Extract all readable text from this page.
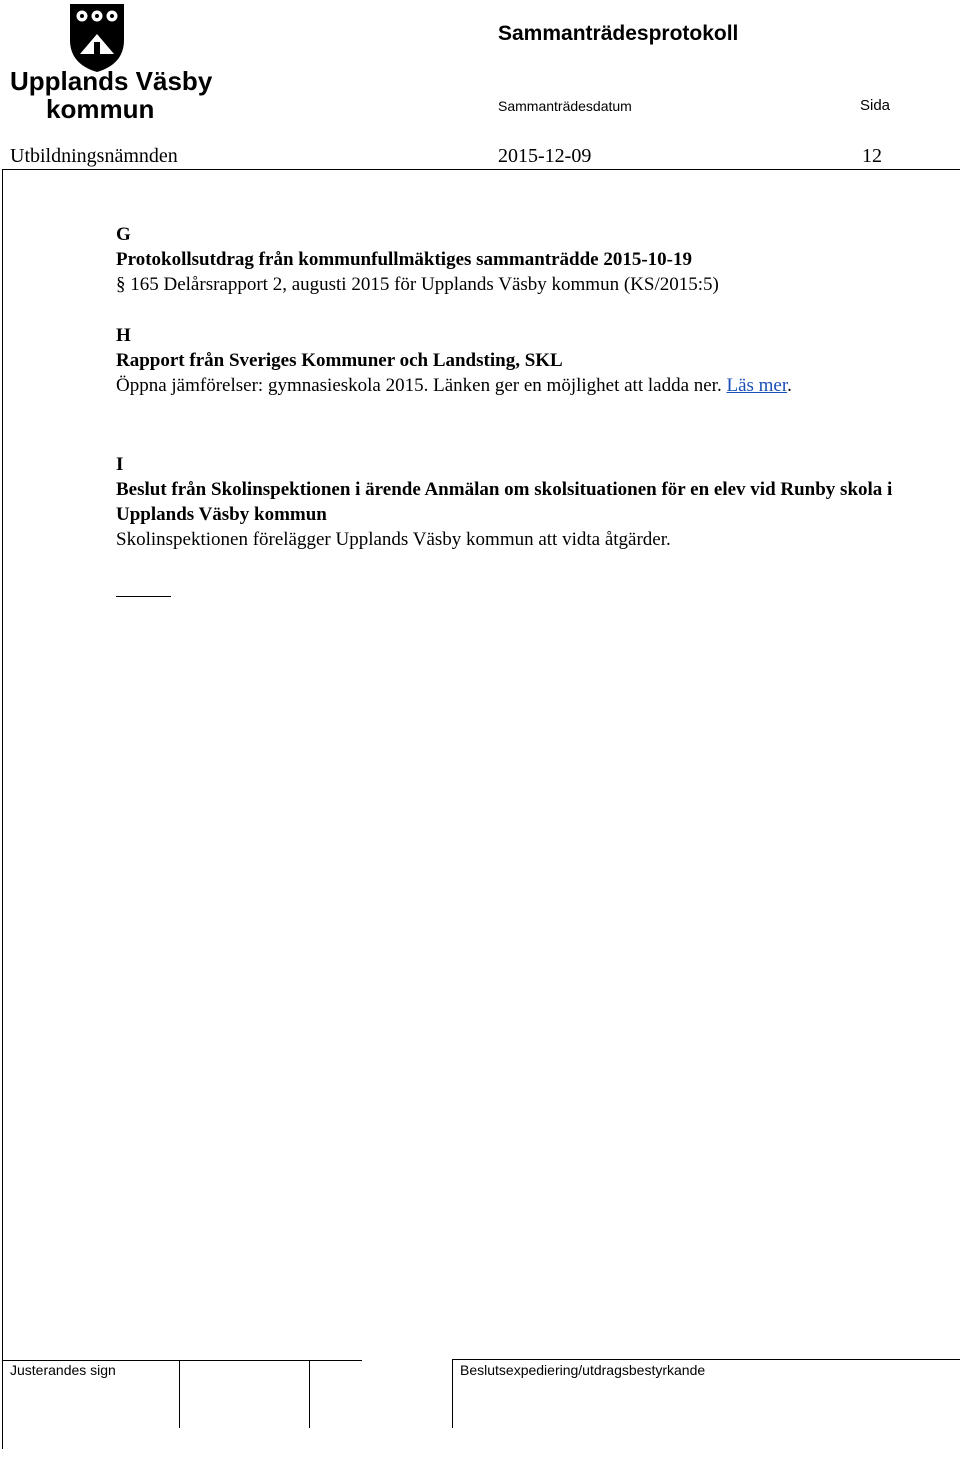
Upplands Väsby
kommun
Sammanträdesprotokoll
Sammanträdesdatum	Sida
Utbildningsnämnden	2015-12-09	12

G

Protokollsutdrag från kommunfullmäktiges sammanträdde 2015-10-19

§ 165 Delårsrapport 2, augusti 2015 för Upplands Väsby kommun (KS/2015:5)

H

Rapport från Sveriges Kommuner och Landsting, SKL

Öppna jämförelser: gymnasieskola 2015. Länken ger en möjlighet att ladda ner. Läs mer.

I

Beslut från Skolinspektionen i ärende Anmälan om skolsituationen för en elev vid Runby skola i Upplands Väsby kommun

Skolinspektionen förelägger Upplands Väsby kommun att vidta åtgärder.

Justerandes sign	Beslutsexpediering/utdragsbestyrkande
